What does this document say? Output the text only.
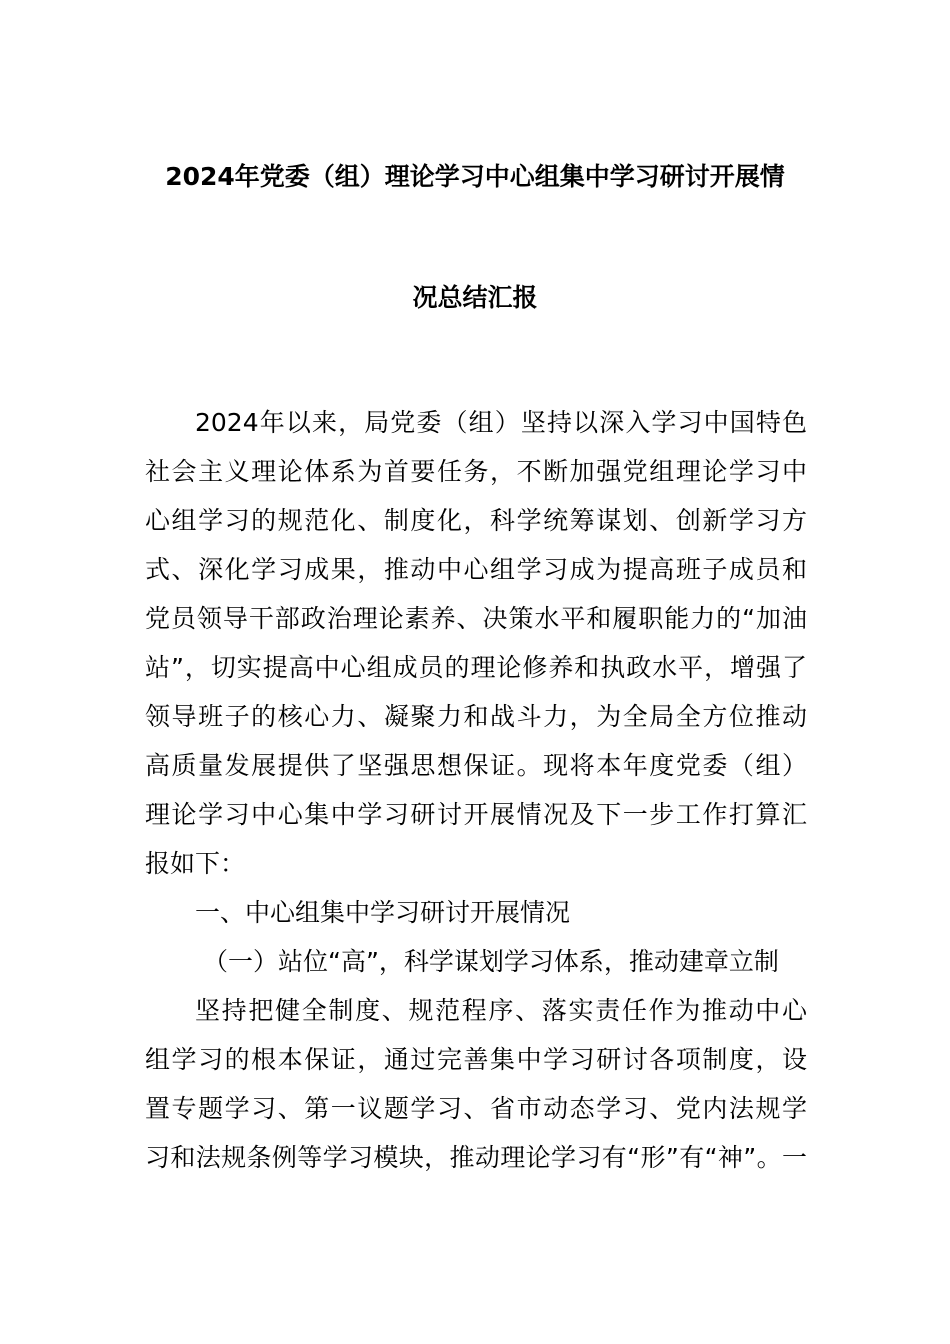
2024年党委（组）理论学习中心组集中学习研讨开展情
况总结汇报
2024年以来，局党委（组）坚持以深入学习中国特色
社会主义理论体系为首要任务，不断加强党组理论学习中
心组学习的规范化、制度化，科学统筹谋划、创新学习方
式、深化学习成果，推动中心组学习成为提高班子成员和
党员领导干部政治理论素养、决策水平和履职能力的“加油
站”，切实提高中心组成员的理论修养和执政水平，增强了
领导班子的核心力、凝聚力和战斗力，为全局全方位推动
高质量发展提供了坚强思想保证。现将本年度党委（组）
理论学习中心集中学习研讨开展情况及下一步工作打算汇
报如下：
一、中心组集中学习研讨开展情况
（一）站位“高”，科学谋划学习体系，推动建章立制
坚持把健全制度、规范程序、落实责任作为推动中心
组学习的根本保证，通过完善集中学习研讨各项制度，设
置专题学习、第一议题学习、省市动态学习、党内法规学
习和法规条例等学习模块，推动理论学习有“形”有“神”。一
